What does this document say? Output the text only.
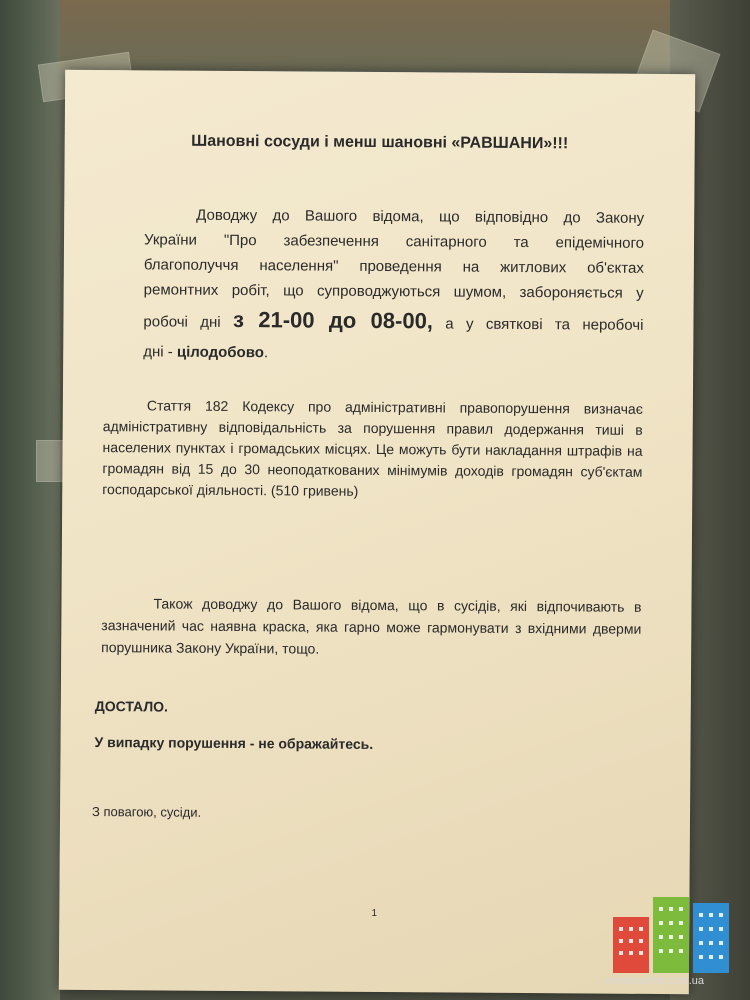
Шановні сосуди і менш шановні «РАВШАНИ»!!!
Доводжу до Вашого відома, що відповідно до Закону
України "Про забезпечення санітарного та епідемічного
благополуччя населення" проведення на житлових об'єктах
ремонтних робіт, що супроводжуються шумом, забороняється у
робочі дні з 21-00 до 08-00, а у святкові та неробочі
дні - цілодобово.
Стаття 182 Кодексу про адміністративні правопорушення визначає адміністративну відповідальність за порушення правил додержання тиші в населених пунктах і громадських місцях. Це можуть бути накладання штрафів на громадян від 15 до 30 неоподаткованих мінімумів доходів громадян суб'єктам господарської діяльності. (510 гривень)
Також доводжу до Вашого відома, що в сусідів, які відпочивають в зазначений час наявна краска, яка гарно може гармонувати з вхідними дверми порушника Закону України, тощо.
ДОСТАЛО.
У випадку порушення - не ображайтесь.
З повагою, сусіди.
1
novakvartira.com.ua
